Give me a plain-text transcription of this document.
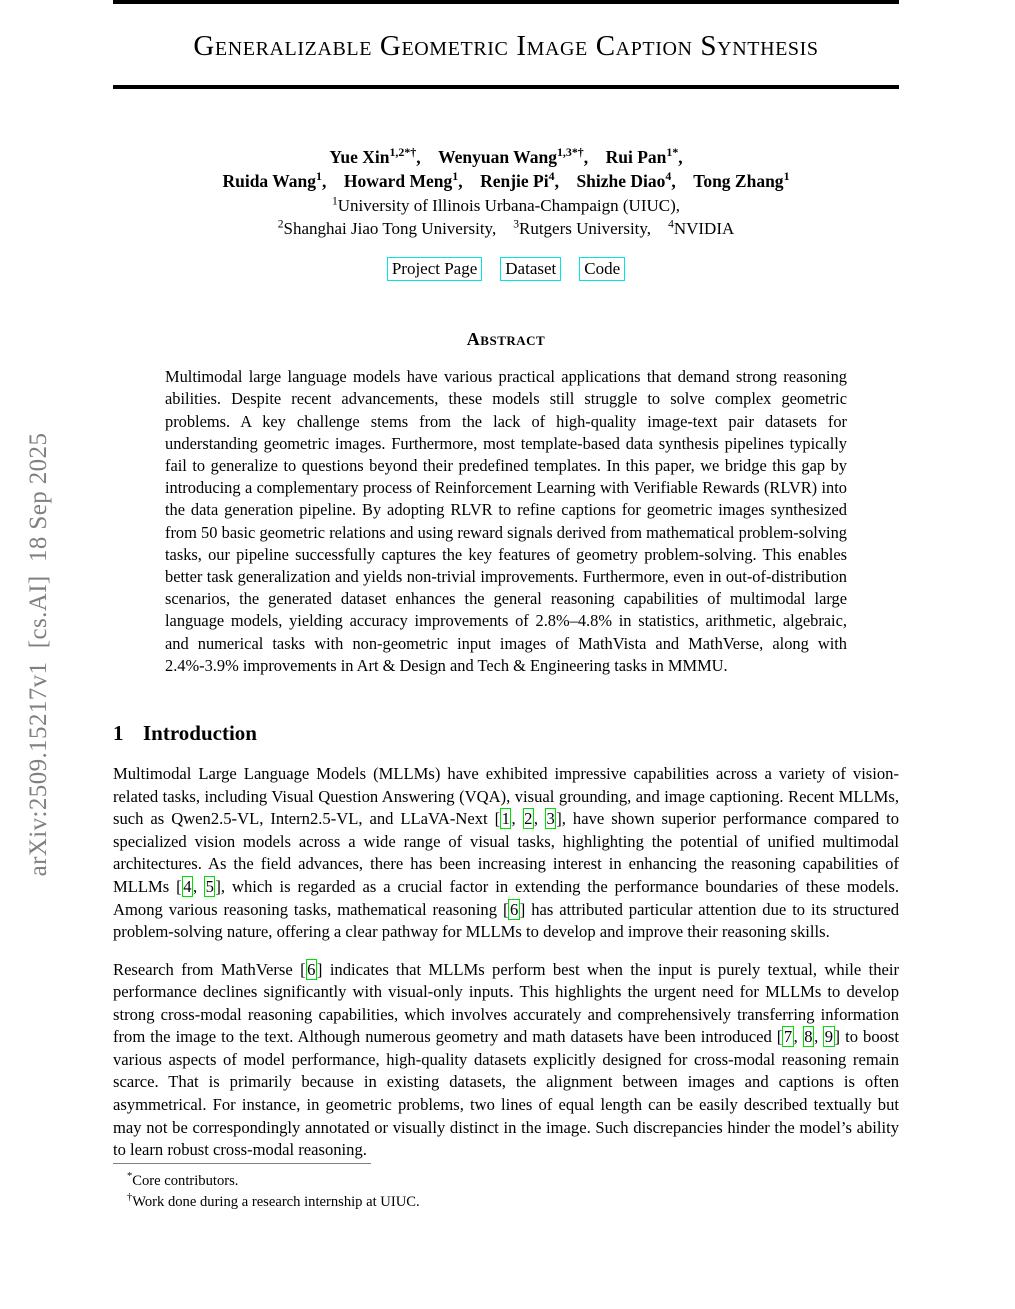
arXiv:2509.15217v1  [cs.AI]  18 Sep 2025
Generalizable Geometric Image Caption Synthesis
Yue Xin$^{1,2*\dagger}$, Wenyuan Wang$^{1,3*\dagger}$, Rui Pan$^{1*}$,
Ruida Wang$^1$, Howard Meng$^1$, Renjie Pi$^4$, Shizhe Diao$^4$, Tong Zhang$^1$
$^1$University of Illinois Urbana-Champaign (UIUC),
$^2$Shanghai Jiao Tong University,  $^3$Rutgers University,  $^4$NVIDIA
Project Page Dataset Code
Abstract
Multimodal large language models have various practical applications that demand strong reasoning abilities. Despite recent advancements, these models still struggle to solve complex geometric problems. A key challenge stems from the lack of high-quality image-text pair datasets for understanding geometric images. Furthermore, most template-based data synthesis pipelines typically fail to generalize to questions beyond their predefined templates. In this paper, we bridge this gap by introducing a complementary process of Reinforcement Learning with Verifiable Rewards (RLVR) into the data generation pipeline. By adopting RLVR to refine captions for geometric images synthesized from 50 basic geometric relations and using reward signals derived from mathematical problem-solving tasks, our pipeline successfully captures the key features of geometry problem-solving. This enables better task generalization and yields non-trivial improvements. Furthermore, even in out-of-distribution scenarios, the generated dataset enhances the general reasoning capabilities of multimodal large language models, yielding accuracy improvements of 2.8%–4.8% in statistics, arithmetic, algebraic, and numerical tasks with non-geometric input images of MathVista and MathVerse, along with 2.4%-3.9% improvements in Art & Design and Tech & Engineering tasks in MMMU.
1 Introduction
Multimodal Large Language Models (MLLMs) have exhibited impressive capabilities across a variety of vision-related tasks, including Visual Question Answering (VQA), visual grounding, and image captioning. Recent MLLMs, such as Qwen2.5-VL, Intern2.5-VL, and LLaVA-Next [1, 2, 3], have shown superior performance compared to specialized vision models across a wide range of visual tasks, highlighting the potential of unified multimodal architectures. As the field advances, there has been increasing interest in enhancing the reasoning capabilities of MLLMs [4, 5], which is regarded as a crucial factor in extending the performance boundaries of these models. Among various reasoning tasks, mathematical reasoning [6] has attributed particular attention due to its structured problem-solving nature, offering a clear pathway for MLLMs to develop and improve their reasoning skills.
Research from MathVerse [6] indicates that MLLMs perform best when the input is purely textual, while their performance declines significantly with visual-only inputs. This highlights the urgent need for MLLMs to develop strong cross-modal reasoning capabilities, which involves accurately and comprehensively transferring information from the image to the text. Although numerous geometry and math datasets have been introduced [7, 8, 9] to boost various aspects of model performance, high-quality datasets explicitly designed for cross-modal reasoning remain scarce. That is primarily because in existing datasets, the alignment between images and captions is often asymmetrical. For instance, in geometric problems, two lines of equal length can be easily described textually but may not be correspondingly annotated or visually distinct in the image. Such discrepancies hinder the model’s ability to learn robust cross-modal reasoning.
*Core contributors.
†Work done during a research internship at UIUC.
